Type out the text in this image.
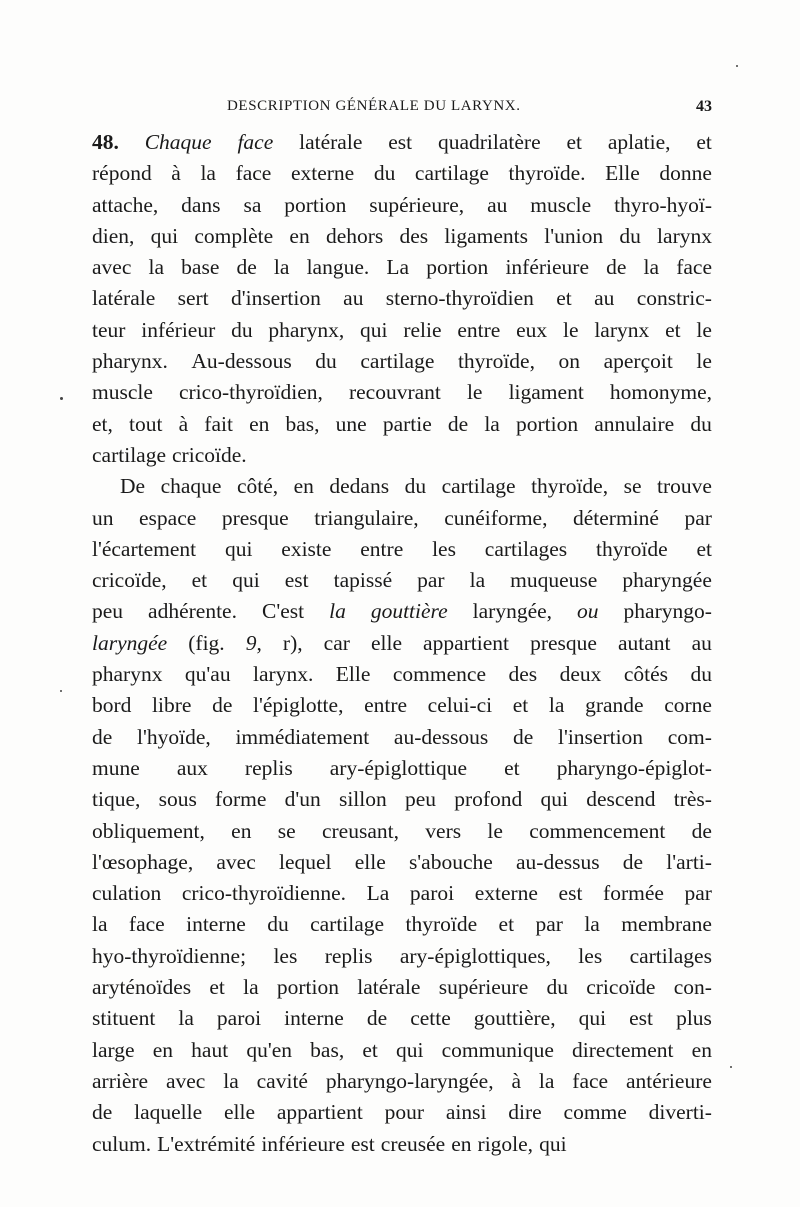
DESCRIPTION GÉNÉRALE DU LARYNX.	43
48. Chaque face latérale est quadrilatère et aplatie, et
répond à la face externe du cartilage thyroïde. Elle donne
attache, dans sa portion supérieure, au muscle thyro-hyoï-
dien, qui complète en dehors des ligaments l'union du larynx
avec la base de la langue. La portion inférieure de la face
latérale sert d'insertion au sterno-thyroïdien et au constric-
teur inférieur du pharynx, qui relie entre eux le larynx et le
pharynx. Au-dessous du cartilage thyroïde, on aperçoit le
muscle crico-thyroïdien, recouvrant le ligament homonyme,
et, tout à fait en bas, une partie de la portion annulaire du
cartilage cricoïde.
De chaque côté, en dedans du cartilage thyroïde, se trouve
un espace presque triangulaire, cunéiforme, déterminé par
l'écartement qui existe entre les cartilages thyroïde et
cricoïde, et qui est tapissé par la muqueuse pharyngée
peu adhérente. C'est la gouttière laryngée, ou pharyngo-
laryngée (fig. 9, r), car elle appartient presque autant au
pharynx qu'au larynx. Elle commence des deux côtés du
bord libre de l'épiglotte, entre celui-ci et la grande corne
de l'hyoïde, immédiatement au-dessous de l'insertion com-
mune aux replis ary-épiglottique et pharyngo-épiglot-
tique, sous forme d'un sillon peu profond qui descend très-
obliquement, en se creusant, vers le commencement de
l'œsophage, avec lequel elle s'abouche au-dessus de l'arti-
culation crico-thyroïdienne. La paroi externe est formée par
la face interne du cartilage thyroïde et par la membrane
hyo-thyroïdienne; les replis ary-épiglottiques, les cartilages
aryténoïdes et la portion latérale supérieure du cricoïde con-
stituent la paroi interne de cette gouttière, qui est plus
large en haut qu'en bas, et qui communique directement en
arrière avec la cavité pharyngo-laryngée, à la face antérieure
de laquelle elle appartient pour ainsi dire comme diverti-
culum. L'extrémité inférieure est creusée en rigole, qui
